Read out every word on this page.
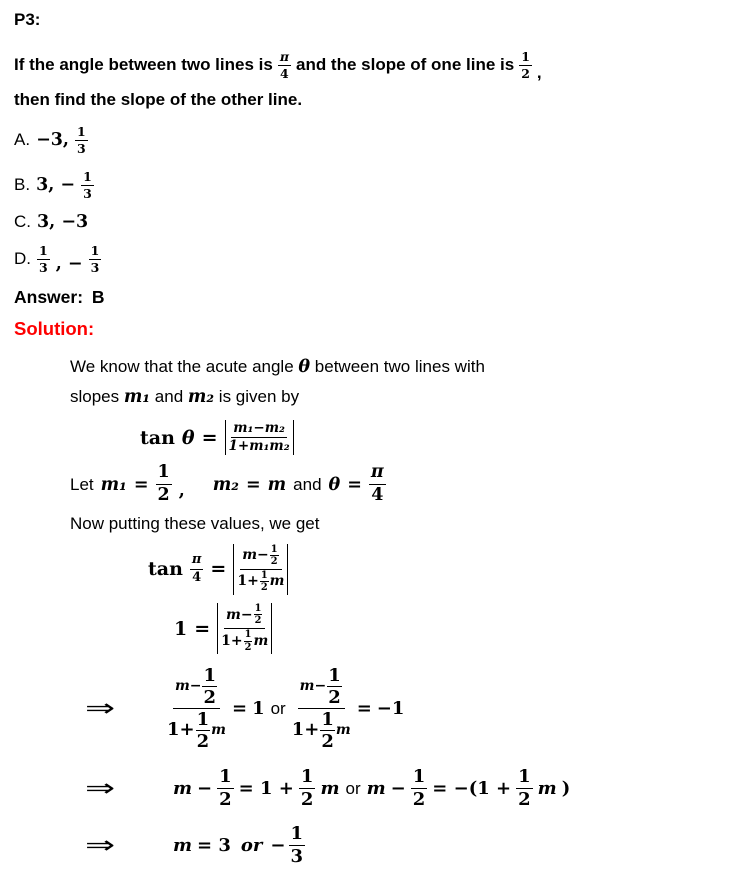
P3:
If the angle between two lines is $\frac{\pi}{4}$ and the slope of one line is $\frac{1}{2}$ ,
then find the slope of the other line.
A. −3, $\frac{1}{3}$
B. 3, − $\frac{1}{3}$
C. 3, −3
D. $\frac{1}{3}$ , − $\frac{1}{3}$
Answer: B
Solution:
We know that the acute angle θ between two lines with
slopes m₁ and m₂ is given by
$\tan \theta = \frac{\text{m₁−m₂}}{\text{1+m₁m₂}}$
Let $m_1 = \frac{1}{2}$ , m₂ = m and $\theta = \frac{\pi}{4}$
Now putting these values, we get
$\tan \frac{\pi}{4} = \frac{m- \frac{1}{2}}{1+ \frac{1}{2} m}$
$1 = \frac{m- \frac{1}{2}}{1+ \frac{1}{2} m}$
⇒	$\frac{m- \frac{1}{2}}{1+ \frac{1}{2} m} = 1$ or $\frac{m- \frac{1}{2}}{1+ \frac{1}{2} m} = -1$
⇒	$m - \frac{1}{2} = 1 + \frac{1}{2}$ m or $m - \frac{1}{2} = -(1 + \frac{1}{2}$ m )
⇒	m = 3 or − $\frac{1}{3}$
